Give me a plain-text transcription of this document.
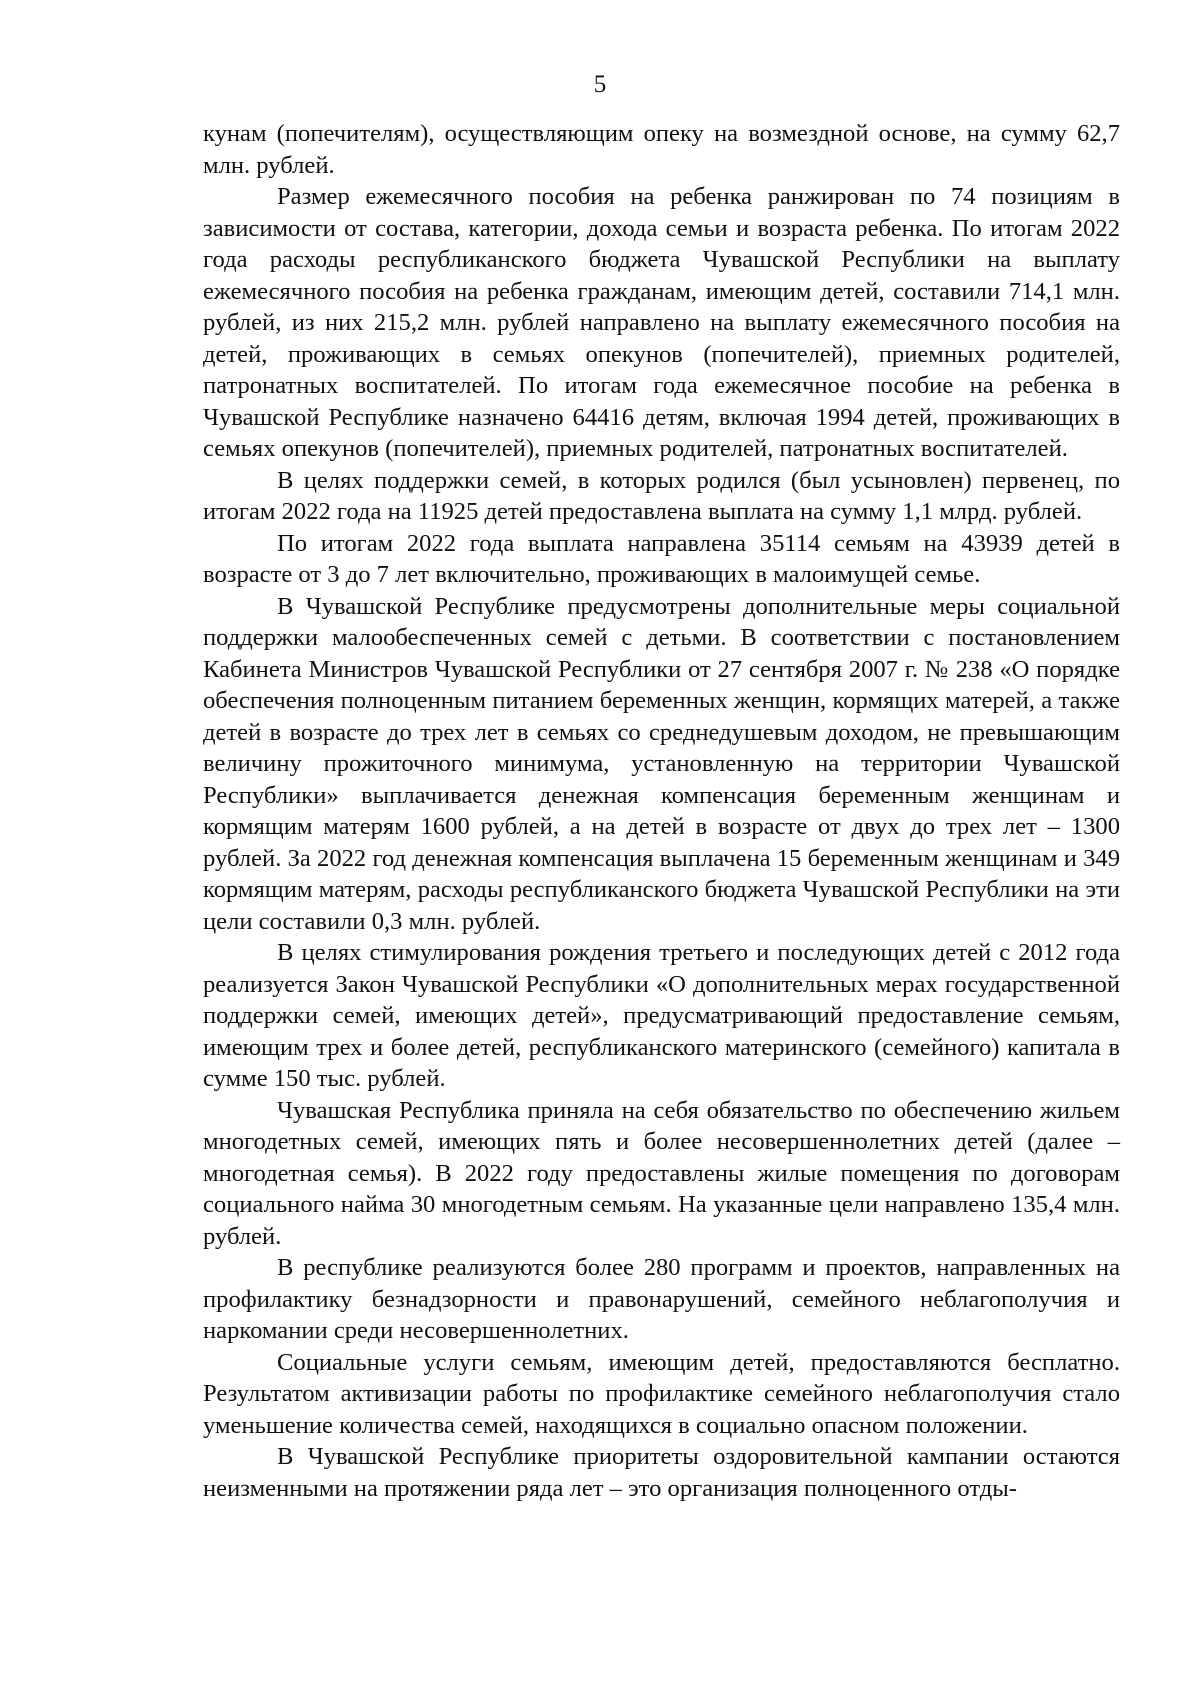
5

кунам (попечителям), осуществляющим опеку на возмездной основе, на сумму 62,7 млн. рублей.

Размер ежемесячного пособия на ребенка ранжирован по 74 позициям в зависимости от состава, категории, дохода семьи и возраста ребенка. По итогам 2022 года расходы республиканского бюджета Чувашской Республики на выплату ежемесячного пособия на ребенка гражданам, имеющим детей, составили 714,1 млн. рублей, из них 215,2 млн. рублей направлено на выплату ежемесячного пособия на детей, проживающих в семьях опекунов (попечителей), приемных родителей, патронатных воспитателей. По итогам года ежемесячное пособие на ребенка в Чувашской Республике назначено 64416 детям, включая 1994 детей, проживающих в семьях опекунов (попечителей), приемных родителей, патронатных воспитателей.

В целях поддержки семей, в которых родился (был усыновлен) первенец, по итогам 2022 года на 11925 детей предоставлена выплата на сумму 1,1 млрд. рублей.

По итогам 2022 года выплата направлена 35114 семьям на 43939 детей в возрасте от 3 до 7 лет включительно, проживающих в малоимущей семье.

В Чувашской Республике предусмотрены дополнительные меры социальной поддержки малообеспеченных семей с детьми. В соответствии с постановлением Кабинета Министров Чувашской Республики от 27 сентября 2007 г. № 238 «О порядке обеспечения полноценным питанием беременных женщин, кормящих матерей, а также детей в возрасте до трех лет в семьях со среднедушевым доходом, не превышающим величину прожиточного минимума, установленную на территории Чувашской Республики» выплачивается денежная компенсация беременным женщинам и кормящим матерям 1600 рублей, а на детей в возрасте от двух до трех лет – 1300 рублей. За 2022 год денежная компенсация выплачена 15 беременным женщинам и 349 кормящим матерям, расходы республиканского бюджета Чувашской Республики на эти цели составили 0,3 млн. рублей.

В целях стимулирования рождения третьего и последующих детей с 2012 года реализуется Закон Чувашской Республики «О дополнительных мерах государственной поддержки семей, имеющих детей», предусматривающий предоставление семьям, имеющим трех и более детей, республиканского материнского (семейного) капитала в сумме 150 тыс. рублей.

Чувашская Республика приняла на себя обязательство по обеспечению жильем многодетных семей, имеющих пять и более несовершеннолетних детей (далее – многодетная семья). В 2022 году предоставлены жилые помещения по договорам социального найма 30 многодетным семьям. На указанные цели направлено 135,4 млн. рублей.

В республике реализуются более 280 программ и проектов, направленных на профилактику безнадзорности и правонарушений, семейного неблагополучия и наркомании среди несовершеннолетних.

Социальные услуги семьям, имеющим детей, предоставляются бесплатно. Результатом активизации работы по профилактике семейного неблагополучия стало уменьшение количества семей, находящихся в социально опасном положении.

В Чувашской Республике приоритеты оздоровительной кампании остаются неизменными на протяжении ряда лет – это организация полноценного отды-
